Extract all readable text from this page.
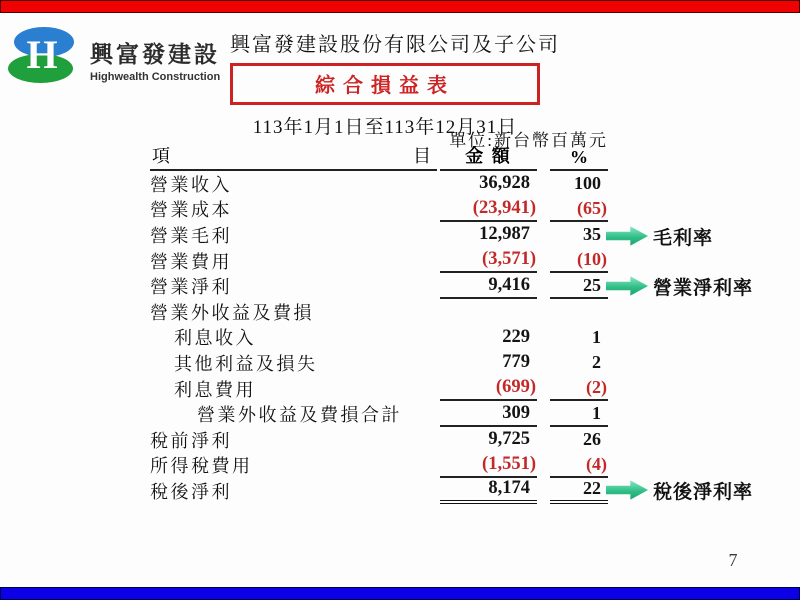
H 興富發建設
Highwealth Construction
興富發建設股份有限公司及子公司
綜合損益表
113年1月1日至113年12月31日
單位:新台幣百萬元
項	目	金 額	%
營業收入	36,928	100
營業成本	(23,941)	(65)
營業毛利	12,987	35
營業費用	(3,571)	(10)
營業淨利	9,416	25
營業外收益及費損
利息收入	229	1
其他利益及損失	779	2
利息費用	(699)	(2)
營業外收益及費損合計	309	1
稅前淨利	9,725	26
所得稅費用	(1,551)	(4)
稅後淨利	8,174	22
毛利率
營業淨利率
稅後淨利率
7
